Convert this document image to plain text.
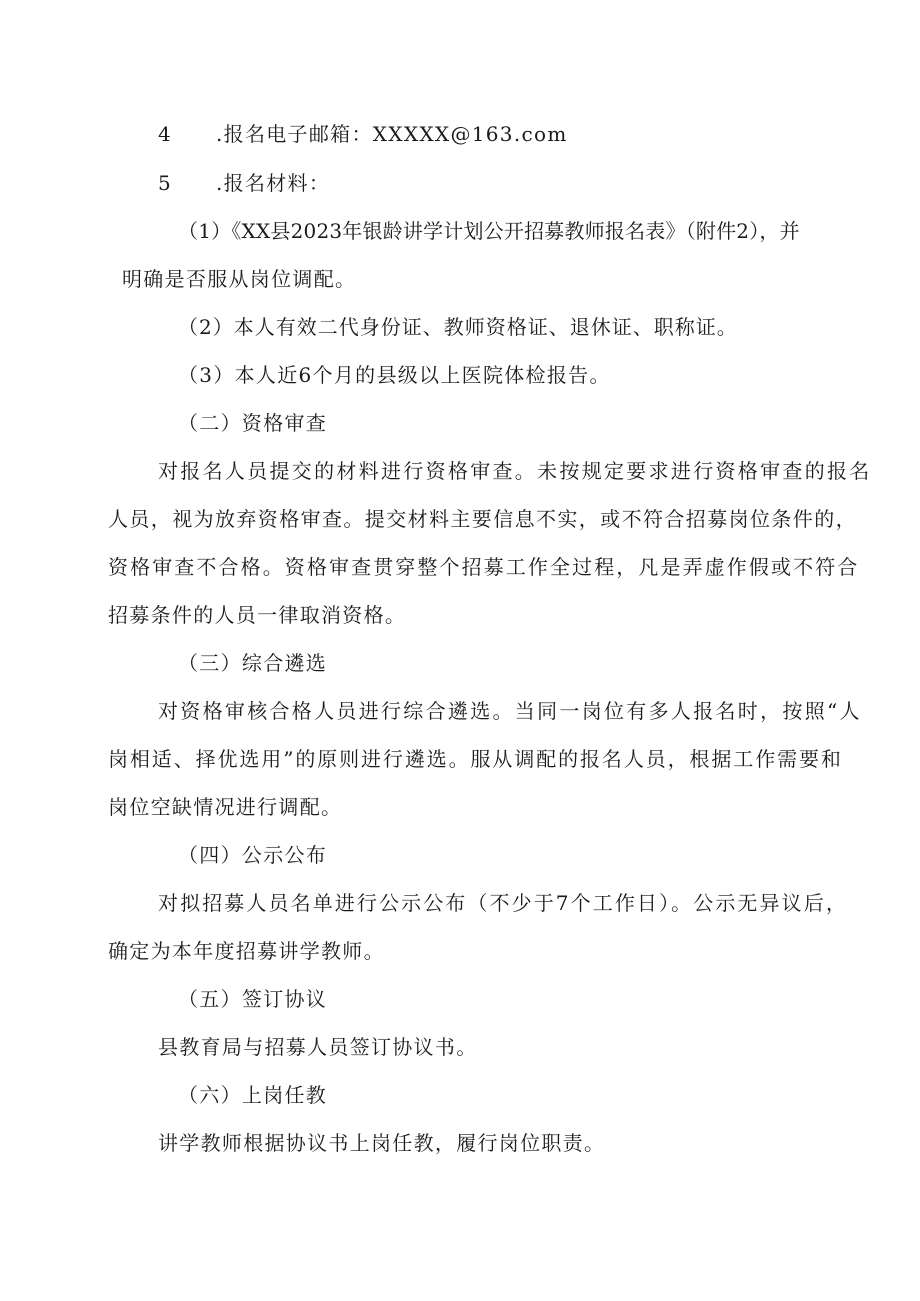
4 .报名电子邮箱：XXXXX@163.com
5 .报名材料：
（1）《XX县2023年银龄讲学计划公开招募教师报名表》（附件2），并
明确是否服从岗位调配。
（2）本人有效二代身份证、教师资格证、退休证、职称证。
（3）本人近6个月的县级以上医院体检报告。
（二）资格审查
对报名人员提交的材料进行资格审查。未按规定要求进行资格审查的报名
人员，视为放弃资格审查。提交材料主要信息不实，或不符合招募岗位条件的，
资格审查不合格。资格审查贯穿整个招募工作全过程，凡是弄虚作假或不符合
招募条件的人员一律取消资格。
（三）综合遴选
对资格审核合格人员进行综合遴选。当同一岗位有多人报名时，按照“人
岗相适、择优选用”的原则进行遴选。服从调配的报名人员，根据工作需要和
岗位空缺情况进行调配。
（四）公示公布
对拟招募人员名单进行公示公布（不少于7个工作日）。公示无异议后，
确定为本年度招募讲学教师。
（五）签订协议
县教育局与招募人员签订协议书。
（六）上岗任教
讲学教师根据协议书上岗任教，履行岗位职责。
